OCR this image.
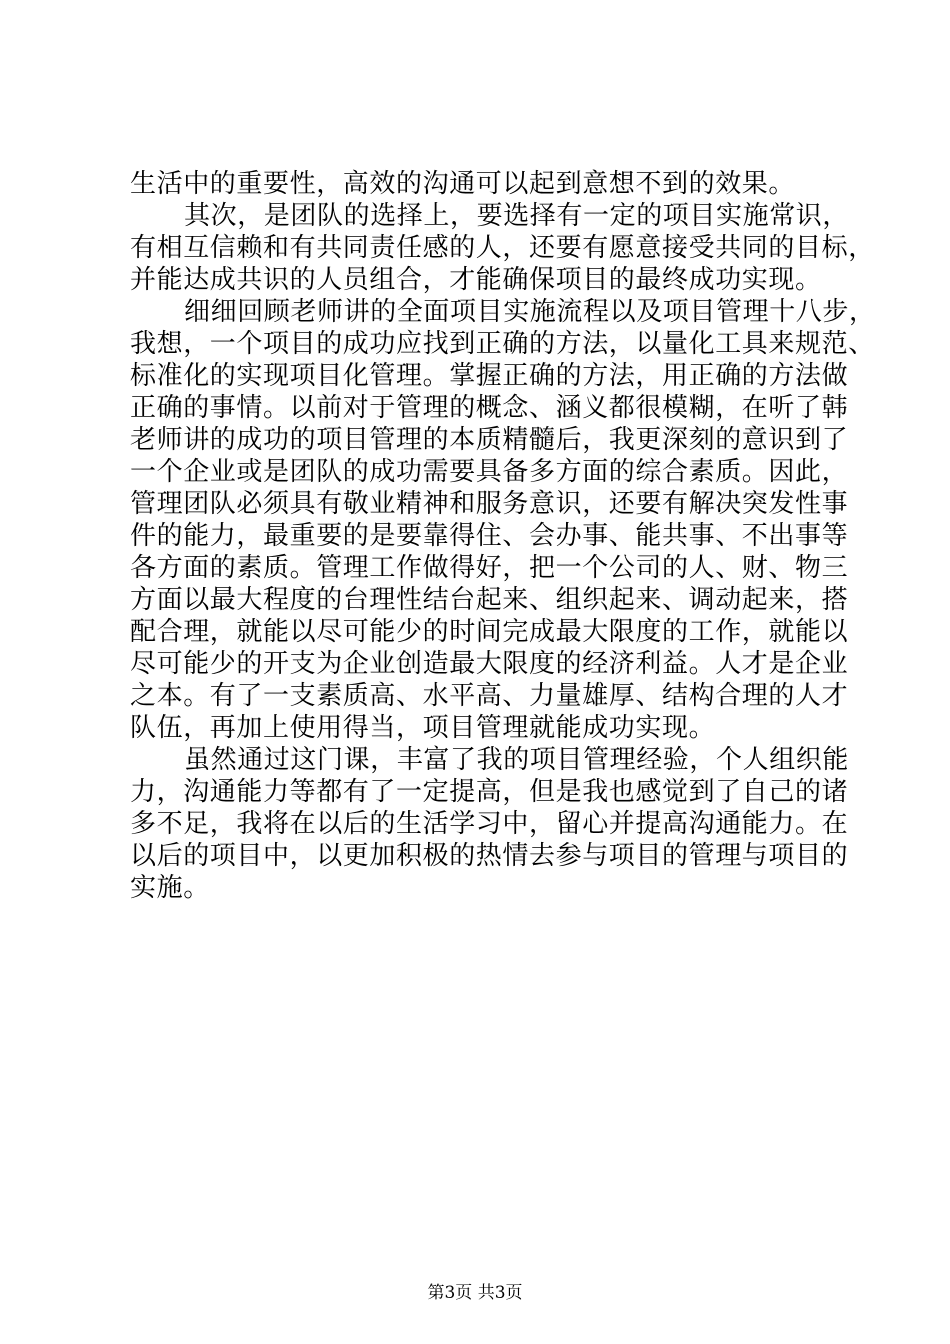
生活中的重要性，高效的沟通可以起到意想不到的效果。
其次，是团队的选择上，要选择有一定的项目实施常识，
有相互信赖和有共同责任感的人，还要有愿意接受共同的目标，
并能达成共识的人员组合，才能确保项目的最终成功实现。
细细回顾老师讲的全面项目实施流程以及项目管理十八步，
我想，一个项目的成功应找到正确的方法，以量化工具来规范、
标准化的实现项目化管理。掌握正确的方法，用正确的方法做
正确的事情。以前对于管理的概念、涵义都很模糊，在听了韩
老师讲的成功的项目管理的本质精髓后，我更深刻的意识到了
一个企业或是团队的成功需要具备多方面的综合素质。因此，
管理团队必须具有敬业精神和服务意识，还要有解决突发性事
件的能力，最重要的是要靠得住、会办事、能共事、不出事等
各方面的素质。管理工作做得好，把一个公司的人、财、物三
方面以最大程度的台理性结台起来、组织起来、调动起来，搭
配合理，就能以尽可能少的时间完成最大限度的工作，就能以
尽可能少的开支为企业创造最大限度的经济利益。人才是企业
之本。有了一支素质高、水平高、力量雄厚、结构合理的人才
队伍，再加上使用得当，项目管理就能成功实现。
虽然通过这门课，丰富了我的项目管理经验，个人组织能
力，沟通能力等都有了一定提高，但是我也感觉到了自己的诸
多不足，我将在以后的生活学习中，留心并提高沟通能力。在
以后的项目中，以更加积极的热情去参与项目的管理与项目的
实施。
第3页 共3页
